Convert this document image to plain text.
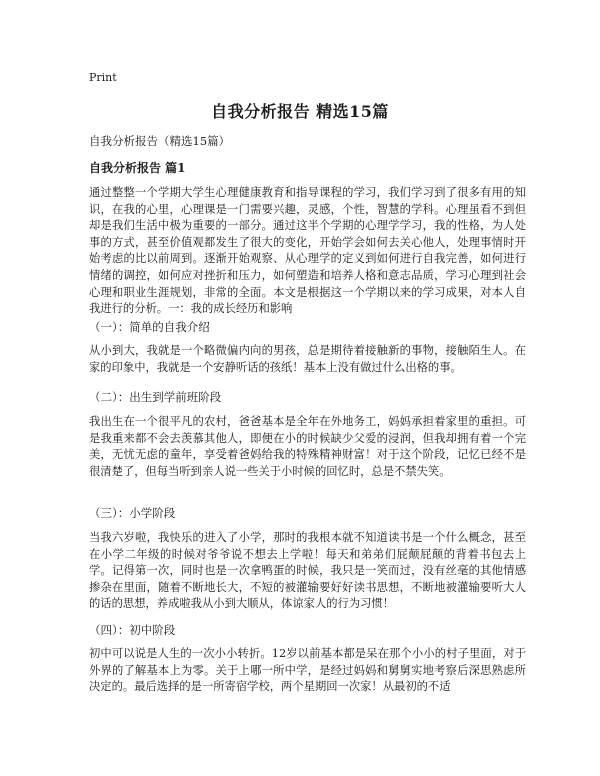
Print
自我分析报告 精选15篇
自我分析报告（精选15篇）
自我分析报告 篇1

通过整整一个学期大学生心理健康教育和指导课程的学习，我们学习到了很多有用的知识，在我的心里，心理课是一门需要兴趣，灵感，个性，智慧的学科。心理虽看不到但却是我们生活中极为重要的一部分。通过这半个学期的心理学学习，我的性格，为人处事的方式，甚至价值观都发生了很大的变化，开始学会如何去关心他人，处理事情时开始考虑的比以前周到。逐渐开始观察、从心理学的定义到如何进行自我完善，如何进行情绪的调控，如何应对挫折和压力，如何塑造和培养人格和意志品质，学习心理到社会心理和职业生涯规划，非常的全面。本文是根据这一个学期以来的学习成果，对本人自我进行的分析。一：我的成长经历和影响

（一）：简单的自我介绍

从小到大，我就是一个略微偏内向的男孩，总是期待着接触新的事物，接触陌生人。在家的印象中，我就是一个安静听话的孩纸！基本上没有做过什么出格的事。

（二）：出生到学前班阶段

我出生在一个很平凡的农村，爸爸基本是全年在外地务工，妈妈承担着家里的重担。可是我重来都不会去羡慕其他人，即便在小的时候缺少父爱的浸润，但我却拥有着一个完美，无忧无虑的童年，享受着爸妈给我的特殊精神财富！对于这个阶段，记忆已经不是很清楚了，但每当听到亲人说一些关于小时候的回忆时，总是不禁失笑。

（三）：小学阶段

当我六岁啦，我快乐的进入了小学，那时的我根本就不知道读书是一个什么概念，甚至在小学二年级的时候对爷爷说不想去上学啦！每天和弟弟们屁颠屁颠的背着书包去上学。记得第一次，同时也是一次拿鸭蛋的时候，我只是一笑而过，没有丝毫的其他情感掺杂在里面，随着不断地长大，不短的被灌输要好好读书思想，不断地被灌输要听大人的话的思想，养成啦我从小到大顺从，体谅家人的行为习惯！

（四）：初中阶段

初中可以说是人生的一次小小转折。12岁以前基本都是呆在那个小小的村子里面，对于外界的了解基本上为零。关于上哪一所中学，是经过妈妈和舅舅实地考察后深思熟虑所决定的。最后选择的是一所寄宿学校，两个星期回一次家！从最初的不适
